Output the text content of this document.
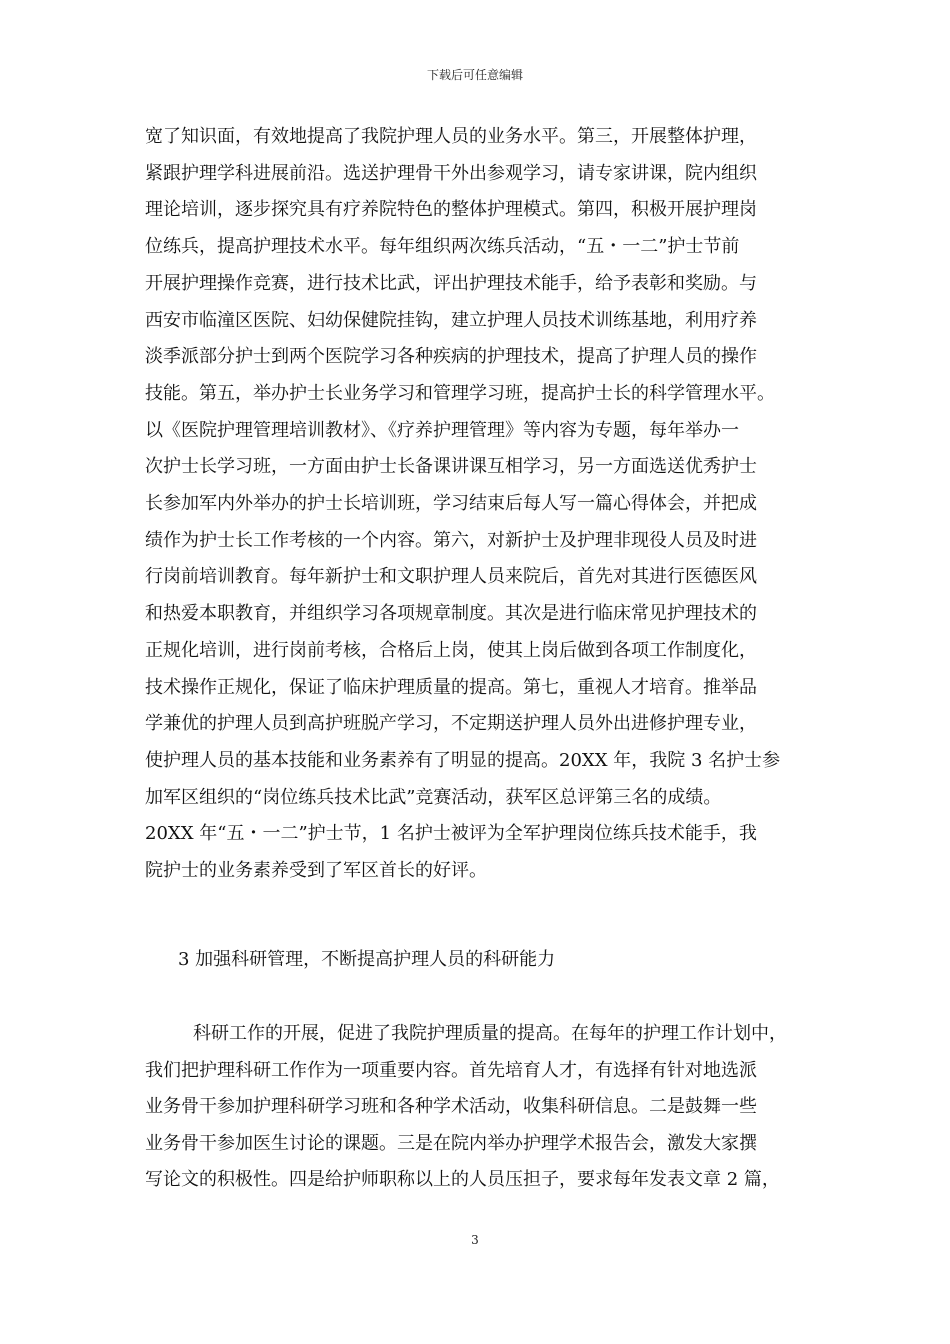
下载后可任意编辑
宽了知识面，有效地提高了我院护理人员的业务水平。第三，开展整体护理，
紧跟护理学科进展前沿。选送护理骨干外出参观学习，请专家讲课，院内组织
理论培训，逐步探究具有疗养院特色的整体护理模式。第四，积极开展护理岗
位练兵，提高护理技术水平。每年组织两次练兵活动，“五・一二”护士节前
开展护理操作竞赛，进行技术比武，评出护理技术能手，给予表彰和奖励。与
西安市临潼区医院、妇幼保健院挂钩，建立护理人员技术训练基地，利用疗养
淡季派部分护士到两个医院学习各种疾病的护理技术，提高了护理人员的操作
技能。第五，举办护士长业务学习和管理学习班，提高护士长的科学管理水平。
以《医院护理管理培训教材》、《疗养护理管理》等内容为专题，每年举办一
次护士长学习班，一方面由护士长备课讲课互相学习，另一方面选送优秀护士
长参加军内外举办的护士长培训班，学习结束后每人写一篇心得体会，并把成
绩作为护士长工作考核的一个内容。第六，对新护士及护理非现役人员及时进
行岗前培训教育。每年新护士和文职护理人员来院后，首先对其进行医德医风
和热爱本职教育，并组织学习各项规章制度。其次是进行临床常见护理技术的
正规化培训，进行岗前考核，合格后上岗，使其上岗后做到各项工作制度化，
技术操作正规化，保证了临床护理质量的提高。第七，重视人才培育。推举品
学兼优的护理人员到高护班脱产学习，不定期送护理人员外出进修护理专业，
使护理人员的基本技能和业务素养有了明显的提高。20XX 年，我院 3 名护士参
加军区组织的“岗位练兵技术比武”竞赛活动，获军区总评第三名的成绩。
20XX 年“五・一二”护士节，1 名护士被评为全军护理岗位练兵技术能手，我
院护士的业务素养受到了军区首长的好评。
3 加强科研管理，不断提高护理人员的科研能力
科研工作的开展，促进了我院护理质量的提高。在每年的护理工作计划中，
我们把护理科研工作作为一项重要内容。首先培育人才，有选择有针对地选派
业务骨干参加护理科研学习班和各种学术活动，收集科研信息。二是鼓舞一些
业务骨干参加医生讨论的课题。三是在院内举办护理学术报告会，激发大家撰
写论文的积极性。四是给护师职称以上的人员压担子，要求每年发表文章 2 篇，
3
